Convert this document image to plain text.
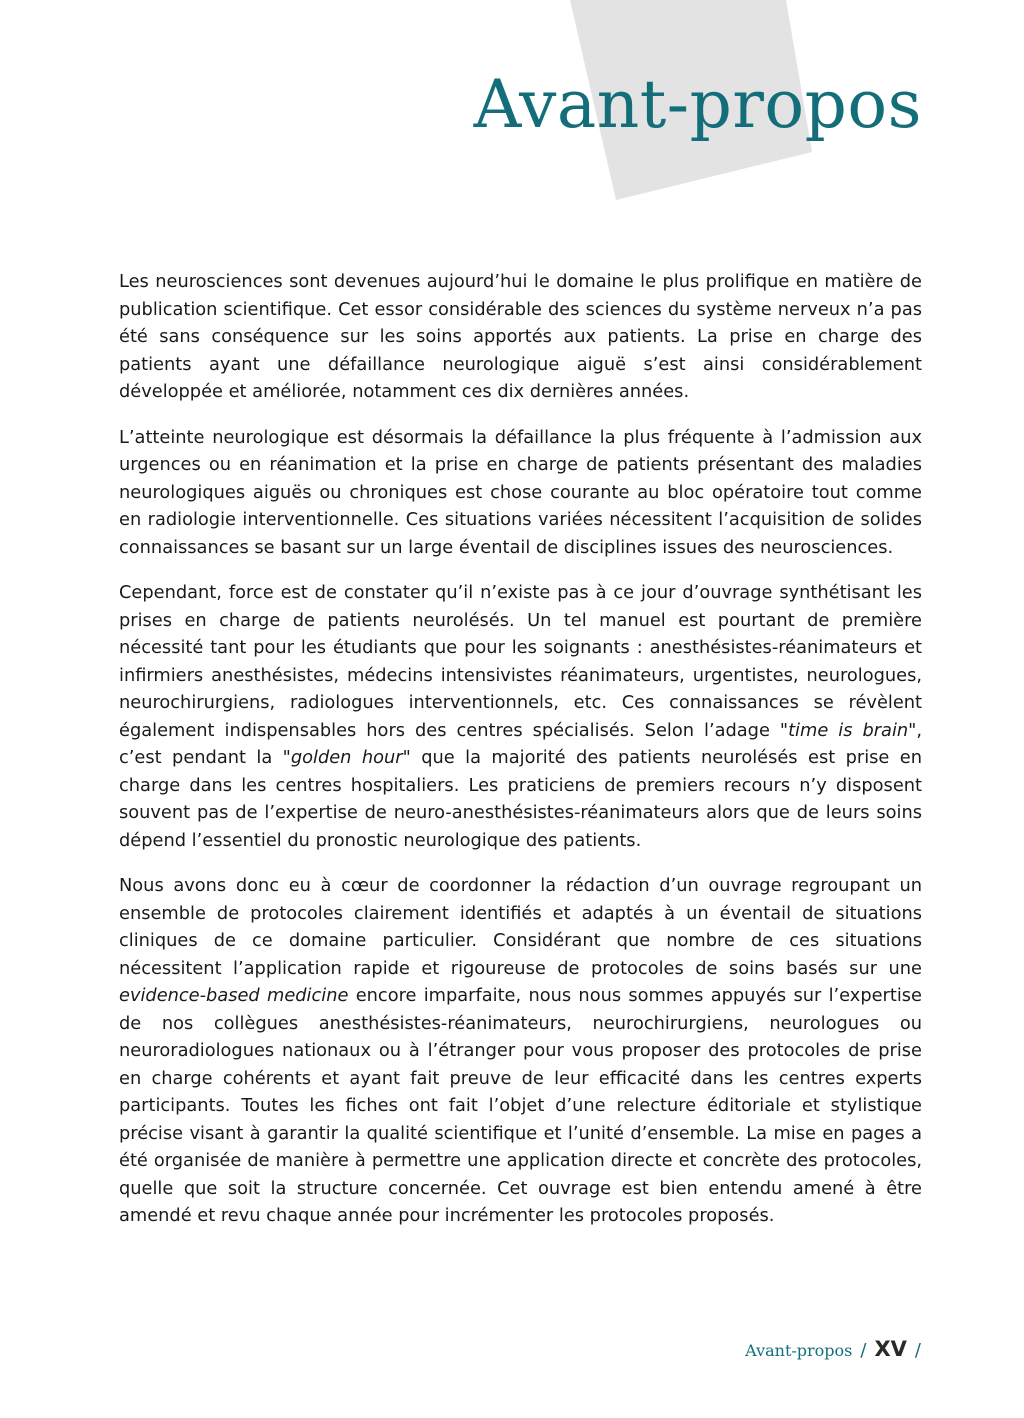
Avant-propos

Les neurosciences sont devenues aujourd’hui le domaine le plus prolifique en matière de publication scientifique. Cet essor considérable des sciences du système nerveux n’a pas été sans conséquence sur les soins apportés aux patients. La prise en charge des patients ayant une défaillance neurologique aiguë s’est ainsi considérablement développée et améliorée, notamment ces dix dernières années.

L’atteinte neurologique est désormais la défaillance la plus fréquente à l’admission aux urgences ou en réanimation et la prise en charge de patients présentant des maladies neurologiques aiguës ou chroniques est chose courante au bloc opératoire tout comme en radiologie interventionnelle. Ces situations variées nécessitent l’acquisition de solides connaissances se basant sur un large éventail de disciplines issues des neurosciences.

Cependant, force est de constater qu’il n’existe pas à ce jour d’ouvrage synthétisant les prises en charge de patients neurolésés. Un tel manuel est pourtant de première nécessité tant pour les étudiants que pour les soignants : anesthésistes-réanimateurs et infirmiers anesthésistes, médecins intensivistes réanimateurs, urgentistes, neurologues, neurochirurgiens, radiologues interventionnels, etc. Ces connaissances se révèlent également indispensables hors des centres spécialisés. Selon l’adage "time is brain", c’est pendant la "golden hour" que la majorité des patients neurolésés est prise en charge dans les centres hospitaliers. Les praticiens de premiers recours n’y disposent souvent pas de l’expertise de neuro-anesthésistes-réanimateurs alors que de leurs soins dépend l’essentiel du pronostic neurologique des patients.

Nous avons donc eu à cœur de coordonner la rédaction d’un ouvrage regroupant un ensemble de protocoles clairement identifiés et adaptés à un éventail de situations cliniques de ce domaine particulier. Considérant que nombre de ces situations nécessitent l’application rapide et rigoureuse de protocoles de soins basés sur une evidence-based medicine encore imparfaite, nous nous sommes appuyés sur l’expertise de nos collègues anesthésistes-réanimateurs, neurochirurgiens, neurologues ou neuroradiologues nationaux ou à l’étranger pour vous proposer des protocoles de prise en charge cohérents et ayant fait preuve de leur efficacité dans les centres experts participants. Toutes les fiches ont fait l’objet d’une relecture éditoriale et stylistique précise visant à garantir la qualité scientifique et l’unité d’ensemble. La mise en pages a été organisée de manière à permettre une application directe et concrète des protocoles, quelle que soit la structure concernée. Cet ouvrage est bien entendu amené à être amendé et revu chaque année pour incrémenter les protocoles proposés.

Avant-propos / XV /
